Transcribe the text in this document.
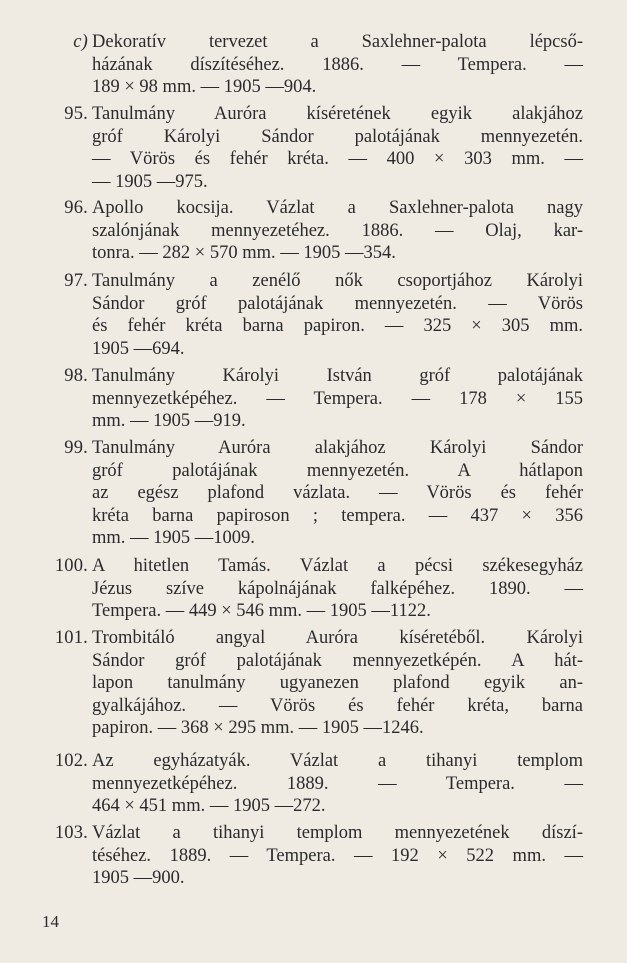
c) Dekoratív tervezet a Saxlehner-palota lépcső-
házának díszítéséhez. 1886. — Tempera. —
189 × 98 mm. — 1905 —904.
95. Tanulmány Auróra kíséretének egyik alakjához
gróf Károlyi Sándor palotájának mennyezetén.
— Vörös és fehér kréta. — 400 × 303 mm. —
— 1905 —975.
96. Apollo kocsija. Vázlat a Saxlehner-palota nagy
szalónjának mennyezetéhez. 1886. — Olaj, kar-
tonra. — 282 × 570 mm. — 1905 —354.
97. Tanulmány a zenélő nők csoportjához Károlyi
Sándor gróf palotájának mennyezetén. — Vörös
és fehér kréta barna papiron. — 325 × 305 mm.
1905 —694.
98. Tanulmány Károlyi István gróf palotájának
mennyezetképéhez. — Tempera. — 178 × 155
mm. — 1905 —919.
99. Tanulmány Auróra alakjához Károlyi Sándor
gróf palotájának mennyezetén. A hátlapon
az egész plafond vázlata. — Vörös és fehér
kréta barna papiroson ; tempera. — 437 × 356
mm. — 1905 —1009.
100. A hitetlen Tamás. Vázlat a pécsi székesegyház
Jézus szíve kápolnájának falképéhez. 1890. —
Tempera. — 449 × 546 mm. — 1905 —1122.
101. Trombitáló angyal Auróra kíséretéből. Károlyi
Sándor gróf palotájának mennyezetképén. A hát-
lapon tanulmány ugyanezen plafond egyik an-
gyalkájához. — Vörös és fehér kréta, barna
papiron. — 368 × 295 mm. — 1905 —1246.
102. Az egyházatyák. Vázlat a tihanyi templom
mennyezetképéhez. 1889. — Tempera. —
464 × 451 mm. — 1905 —272.
103. Vázlat a tihanyi templom mennyezetének díszí-
téséhez. 1889. — Tempera. — 192 × 522 mm. —
1905 —900.
14
